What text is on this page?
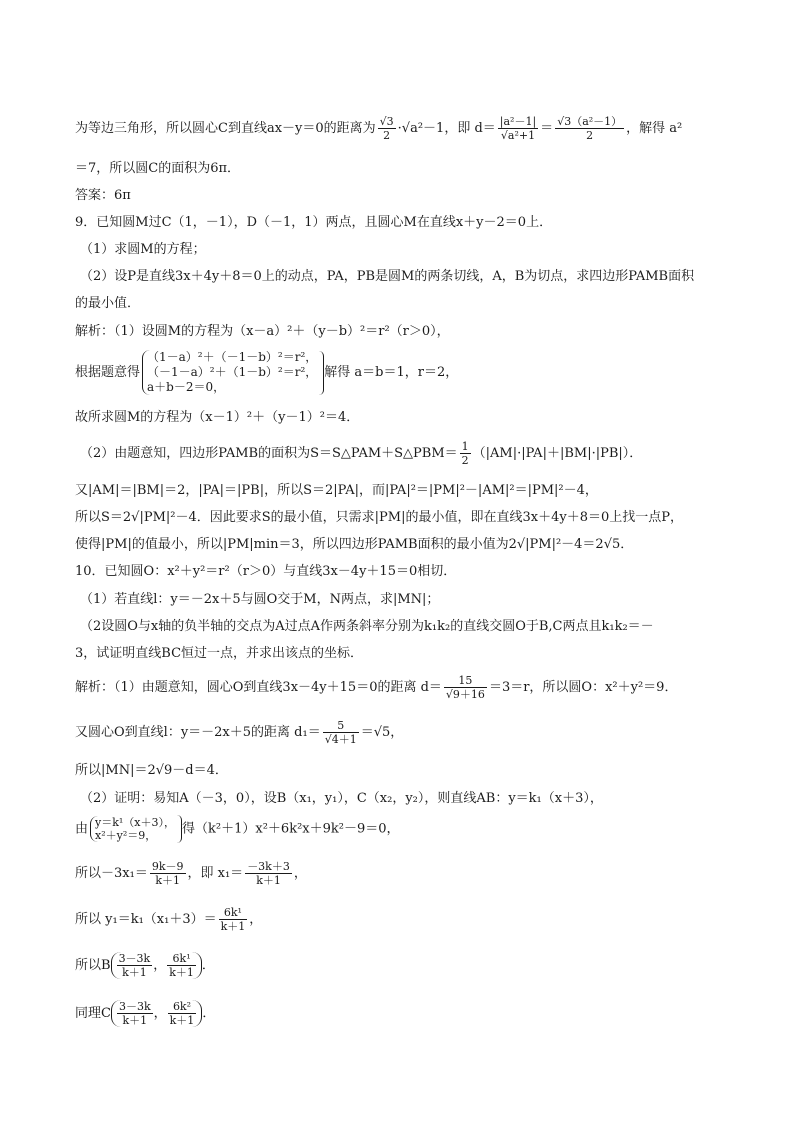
为等边三角形，所以圆心C到直线ax－y＝0的距离为 $\frac{√3}{2} \cdot√a^2-1$，即 $d= \frac{\text{|a²－1|}}{\text{√a²+1}} = \frac{\text{√3（a²－1）}}{2}$ ，解得 a²
＝7，所以圆C的面积为6π．
答案：6π
9．已知圆M过C（1，－1），D（－1，1）两点，且圆心M在直线x＋y－2＝0上．
（1）求圆M的方程；
（2）设P是直线3x＋4y＋8＝0上的动点，PA，PB是圆M的两条切线，A，B为切点，求四边形PAMB面积
的最小值．
解析：（1）设圆M的方程为（x－a）²＋（y－b）²＝r²（r＞0），
根据题意得
（1－a）²＋（－1－b）²＝r²，
（－1－a）²＋（1－b）²＝r²，
a＋b－2＝0，
解得 a＝b＝1，r＝2，
故所求圆M的方程为（x－1）²＋（y－1）²＝4．
（2）由题意知，四边形PAMB的面积为S＝S△PAM＋S△PBM＝ $\frac{1}{2} (|AM|\cdot|PA|+|BM|\cdot|PB|)$．
又|AM|＝|BM|＝2，|PA|＝|PB|，所以S＝2|PA|，而|PA|²＝|PM|²－|AM|²＝|PM|²－4，
所以S＝2√|PM|²－4．因此要求S的最小值，只需求|PM|的最小值，即在直线3x＋4y＋8＝0上找一点P，
使得|PM|的值最小，所以|PM|min＝3，所以四边形PAMB面积的最小值为2√|PM|²－4＝2√5．
10．已知圆O：x²＋y²＝r²（r＞0）与直线3x－4y＋15＝0相切．
（1）若直线l：y＝－2x＋5与圆O交于M，N两点，求|MN|；
（2设圆O与x轴的负半轴的交点为A过点A作两条斜率分别为k₁k₂的直线交圆O于B,C两点且k₁k₂＝－
3，试证明直线BC恒过一点，并求出该点的坐标．
解析：（1）由题意知，圆心O到直线3x－4y＋15＝0的距离 $d= \frac{15}{√9+16} =3=r$，所以圆O：x²＋y²＝9．
又圆心O到直线l：y＝－2x＋5的距离 $d_1= \frac{5}{√4+1} =√5$，
所以|MN|＝2√9－d＝4．
（2）证明：易知A（－3，0），设B（x₁，y₁），C（x₂，y₂），则直线AB：y＝k₁（x＋3），
由 y＝k¹（x＋3），
x²＋y²＝9，	得（k²＋1）x²＋6k²x＋9k²－9＝0，
所以$-3x_1= \frac{9k-9}{k+1}$ ，即 $x_1= \frac{-3k+3}{k+1}$ ，
所以 $y_1=k_1(x_1+3)= \frac{\text{6k¹}}{k+1}$ ，
所以B $\frac{3-3k}{k+1}$ ， $\frac{\text{6k¹}}{k+1}$ ．
同理C $\frac{3-3k}{k+1}$ ， $\frac{\text{6k²}}{k+1}$ ．
